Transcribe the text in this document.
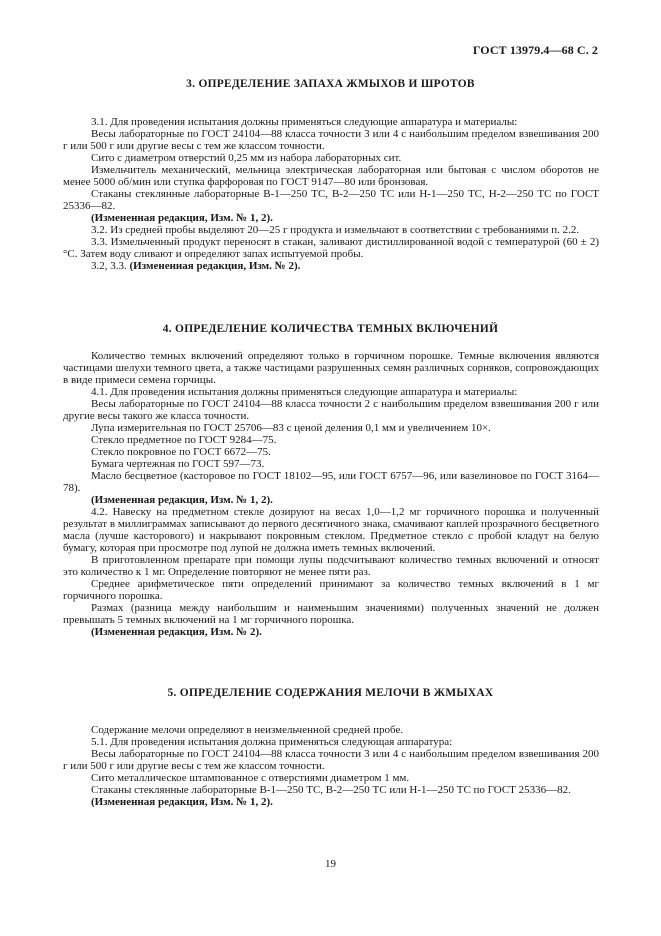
ГОСТ 13979.4—68 С. 2
3. ОПРЕДЕЛЕНИЕ ЗАПАХА ЖМЫХОВ И ШРОТОВ

3.1. Для проведения испытания должны применяться следующие аппаратура и материалы:

Весы лабораторные по ГОСТ 24104—88 класса точности 3 или 4 с наибольшим пределом взвешивания 200 г или 500 г или другие весы с тем же классом точности.

Сито с диаметром отверстий 0,25 мм из набора лабораторных сит.

Измельчитель механический, мельница электрическая лабораторная или бытовая с числом оборотов не менее 5000 об/мин или ступка фарфоровая по ГОСТ 9147—80 или бронзовая.

Стаканы стеклянные лабораторные В-1—250 ТС, В-2—250 ТС или Н-1—250 ТС, Н-2—250 ТС по ГОСТ 25336—82.

(Измененная редакция, Изм. № 1, 2).

3.2. Из средней пробы выделяют 20—25 г продукта и измельчают в соответствии с требованиями п. 2.2.

3.3. Измельченный продукт переносят в стакан, заливают дистиллированной водой с температурой (60 ± 2) °С. Затем воду сливают и определяют запах испытуемой пробы.

3.2, 3.3. (Измененная редакция, Изм. № 2).

4. ОПРЕДЕЛЕНИЕ КОЛИЧЕСТВА ТЕМНЫХ ВКЛЮЧЕНИЙ

Количество темных включений определяют только в горчичном порошке. Темные включения являются частицами шелухи темного цвета, а также частицами разрушенных семян различных сорняков, сопровождающих в виде примеси семена горчицы.

4.1. Для проведения испытания должны применяться следующие аппаратура и материалы:

Весы лабораторные по ГОСТ 24104—88 класса точности 2 с наибольшим пределом взвешивания 200 г или другие весы такого же класса точности.

Лупа измерительная по ГОСТ 25706—83 с ценой деления 0,1 мм и увеличением 10×.

Стекло предметное по ГОСТ 9284—75.

Стекло покровное по ГОСТ 6672—75.

Бумага чертежная по ГОСТ 597—73.

Масло бесцветное (касторовое по ГОСТ 18102—95, или ГОСТ 6757—96, или вазелиновое по ГОСТ 3164—78).

(Измененная редакция, Изм. № 1, 2).

4.2. Навеску на предметном стекле дозируют на весах 1,0—1,2 мг горчичного порошка и полученный результат в миллиграммах записывают до первого десятичного знака, смачивают каплей прозрачного бесцветного масла (лучше касторового) и накрывают покровным стеклом. Предметное стекло с пробой кладут на белую бумагу, которая при просмотре под лупой не должна иметь темных включений.

В приготовленном препарате при помощи лупы подсчитывают количество темных включений и относят это количество к 1 мг. Определение повторяют не менее пяти раз.

Среднее арифметическое пяти определений принимают за количество темных включений в 1 мг горчичного порошка.

Размах (разница между наибольшим и наименьшим значениями) полученных значений не должен превышать 5 темных включений на 1 мг горчичного порошка.

(Измененная редакция, Изм. № 2).

5. ОПРЕДЕЛЕНИЕ СОДЕРЖАНИЯ МЕЛОЧИ В ЖМЫХАХ

Содержание мелочи определяют в неизмельченной средней пробе.

5.1. Для проведения испытания должна применяться следующая аппаратура:

Весы лабораторные по ГОСТ 24104—88 класса точности 3 или 4 с наибольшим пределом взвешивания 200 г или 500 г или другие весы с тем же классом точности.

Сито металлическое штампованное с отверстиями диаметром 1 мм.

Стаканы стеклянные лабораторные В-1—250 ТС, В-2—250 ТС или Н-1—250 ТС по ГОСТ 25336—82.

(Измененная редакция, Изм. № 1, 2).

19
